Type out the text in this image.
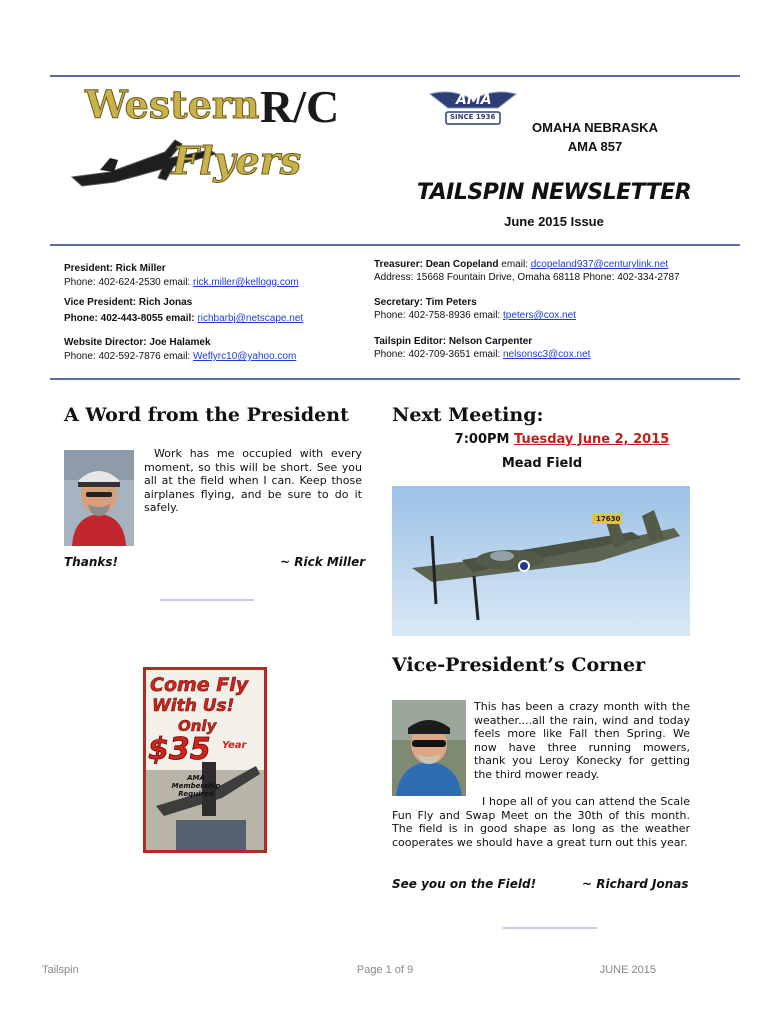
Western R/C
Flyers
AMA
SINCE 1936
OMAHA NEBRASKA
AMA 857
TAILSPIN NEWSLETTER
June 2015 Issue
President: Rick Miller
Phone: 402-624-2530 email: rick.miller@kellogg.com
Vice President: Rich Jonas
Phone: 402-443-8055 email: richbarbj@netscape.net
Website Director: Joe Halamek
Phone: 402-592-7876 email: Weflyrc10@yahoo.com
Treasurer: Dean Copeland email: dcopeland937@centurylink.net
Address: 15668 Fountain Drive, Omaha 68118 Phone: 402-334-2787
Secretary: Tim Peters
Phone: 402-758-8936 email: tpeters@cox.net
Tailspin Editor: Nelson Carpenter
Phone: 402-709-3651 email: nelsonsc3@cox.net
A Word from the President
Work has me occupied with every moment, so this will be short. See you all at the field when I can. Keep those airplanes flying, and be sure to do it safely.
Thanks!	~ Rick Miller
Next Meeting:
7:00PM Tuesday June 2, 2015
Mead Field
17630
Come Fly
With Us!
Only
$35 Year
AMA
Membership
Required
Vice-President’s Corner
This has been a crazy month with the weather....all the rain, wind and today feels more like Fall then Spring. We now have three running mowers, thank you Leroy Konecky for getting the third mower ready.
I hope all of you can attend the Scale Fun Fly and Swap Meet on the 30th of this month. The field is in good shape as long as the weather cooperates we should have a great turn out this year.
See you on the Field!	~ Richard Jonas
Tailspin	Page 1 of 9	JUNE 2015
